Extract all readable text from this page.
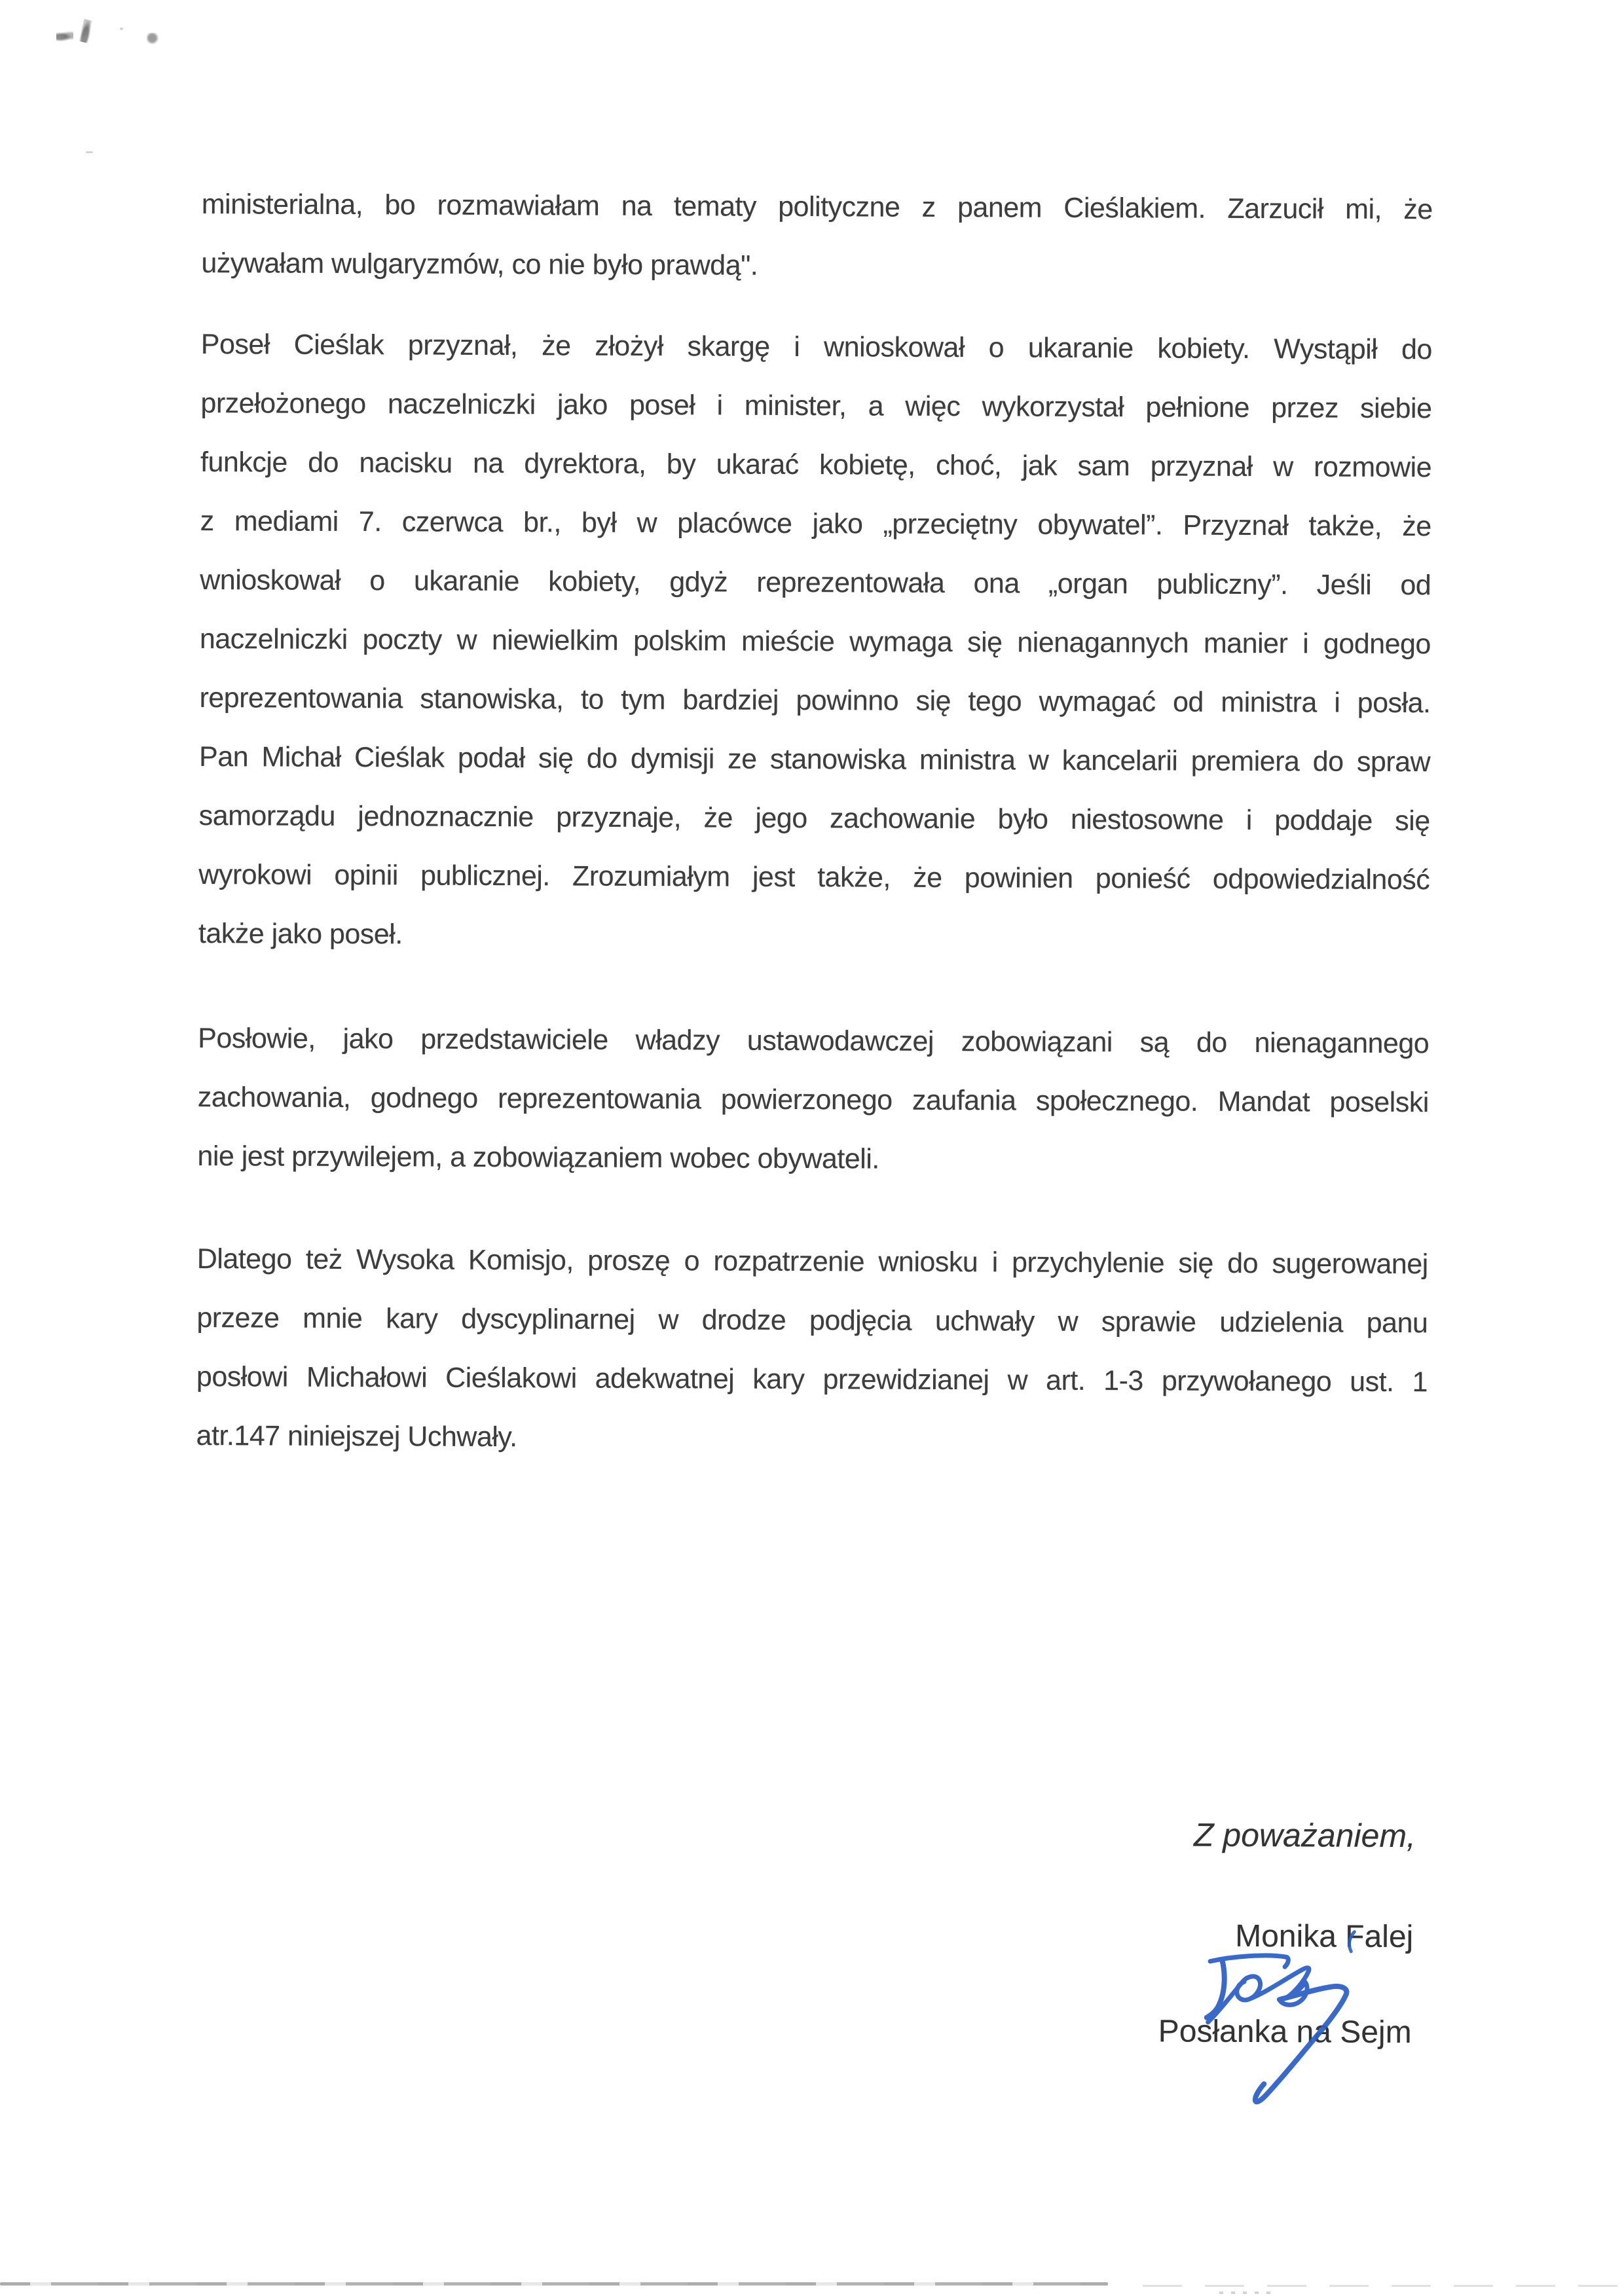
ministerialna, bo rozmawiałam na tematy polityczne z panem Cieślakiem. Zarzucił mi, że
używałam wulgaryzmów, co nie było prawdą".

Poseł Cieślak przyznał, że złożył skargę i wnioskował o ukaranie kobiety. Wystąpił do
przełożonego naczelniczki jako poseł i minister, a więc wykorzystał pełnione przez siebie
funkcje do nacisku na dyrektora, by ukarać kobietę, choć, jak sam przyznał w rozmowie
z mediami 7. czerwca br., był w placówce jako „przeciętny obywatel”. Przyznał także, że
wnioskował o ukaranie kobiety, gdyż reprezentowała ona „organ publiczny”. Jeśli od
naczelniczki poczty w niewielkim polskim mieście wymaga się nienagannych manier i godnego
reprezentowania stanowiska, to tym bardziej powinno się tego wymagać od ministra i posła.
Pan Michał Cieślak podał się do dymisji ze stanowiska ministra w kancelarii premiera do spraw
samorządu jednoznacznie przyznaje, że jego zachowanie było niestosowne i poddaje się
wyrokowi opinii publicznej. Zrozumiałym jest także, że powinien ponieść odpowiedzialność
także jako poseł.

Posłowie, jako przedstawiciele władzy ustawodawczej zobowiązani są do nienagannego
zachowania, godnego reprezentowania powierzonego zaufania społecznego. Mandat poselski
nie jest przywilejem, a zobowiązaniem wobec obywateli.

Dlatego też Wysoka Komisjo, proszę o rozpatrzenie wniosku i przychylenie się do sugerowanej
przeze mnie kary dyscyplinarnej w drodze podjęcia uchwały w sprawie udzielenia panu
posłowi Michałowi Cieślakowi adekwatnej kary przewidzianej w art. 1-3 przywołanego ust. 1
atr.147 niniejszej Uchwały.

Z poważaniem,
Monika Falej
Posłanka na Sejm
